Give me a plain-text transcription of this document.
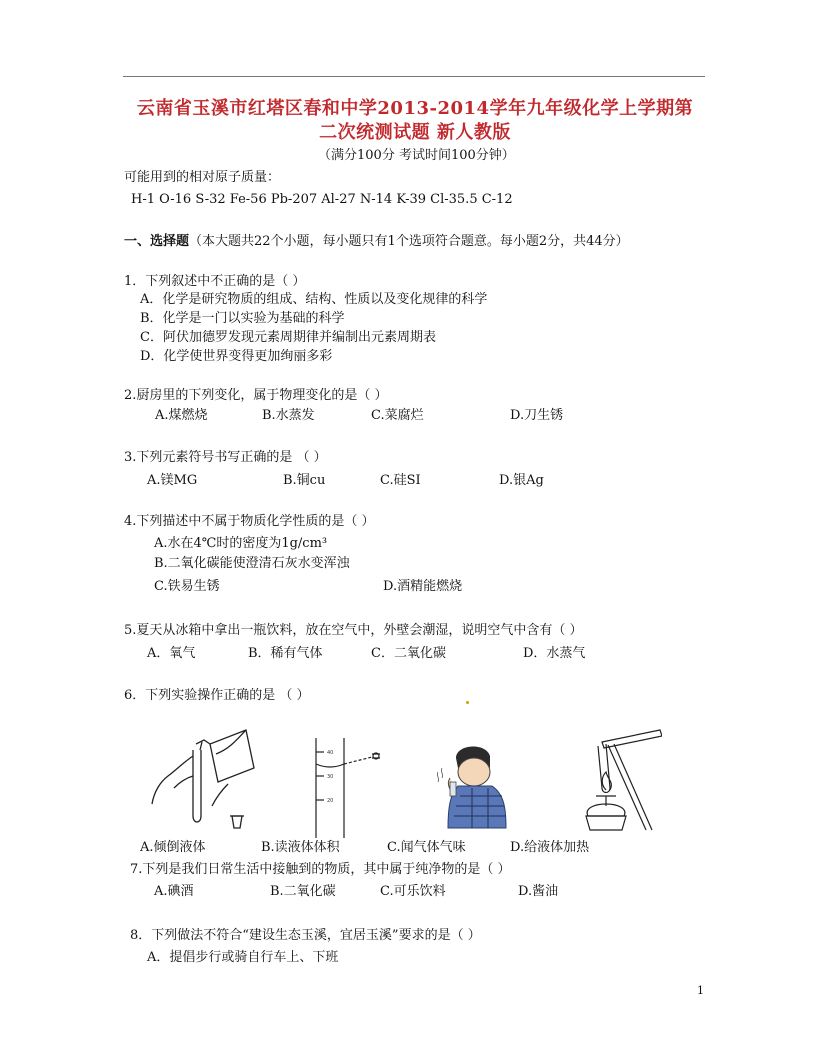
云南省玉溪市红塔区春和中学2013-2014学年九年级化学上学期第
二次统测试题 新人教版
（满分100分 考试时间100分钟）
可能用到的相对原子质量：
H-1 O-16 S-32 Fe-56 Pb-207 Al-27 N-14 K-39 Cl-35.5 C-12
一、选择题（本大题共22个小题，每小题只有1个选项符合题意。每小题2分，共44分）
1．下列叙述中不正确的是（ ）
A．化学是研究物质的组成、结构、性质以及变化规律的科学
B．化学是一门以实验为基础的科学
C．阿伏加德罗发现元素周期律并编制出元素周期表
D．化学使世界变得更加绚丽多彩
2.厨房里的下列变化，属于物理变化的是（ ）
A.煤燃烧	B.水蒸发	C.菜腐烂	D.刀生锈
3.下列元素符号书写正确的是 （ ）
A.镁MG	B.铜cu	C.硅SI	D.银Ag
4.下列描述中不属于物质化学性质的是（ ）
A.水在4℃时的密度为1g/cm³
B.二氧化碳能使澄清石灰水变浑浊
C.铁易生锈	D.酒精能燃烧
5.夏天从冰箱中拿出一瓶饮料，放在空气中，外壁会潮湿，说明空气中含有（ ）
A．氧气	B．稀有气体	C．二氧化碳	D．水蒸气
6．下列实验操作正确的是 （ ）
40
30
20
A.倾倒液体	B.读液体体积	C.闻气体气味	D.给液体加热
7.下列是我们日常生活中接触到的物质，其中属于纯净物的是（ ）
A.碘酒	B.二氧化碳	C.可乐饮料	D.酱油
8．下列做法不符合“建设生态玉溪，宜居玉溪”要求的是（ ）
A．提倡步行或骑自行车上、下班
1
